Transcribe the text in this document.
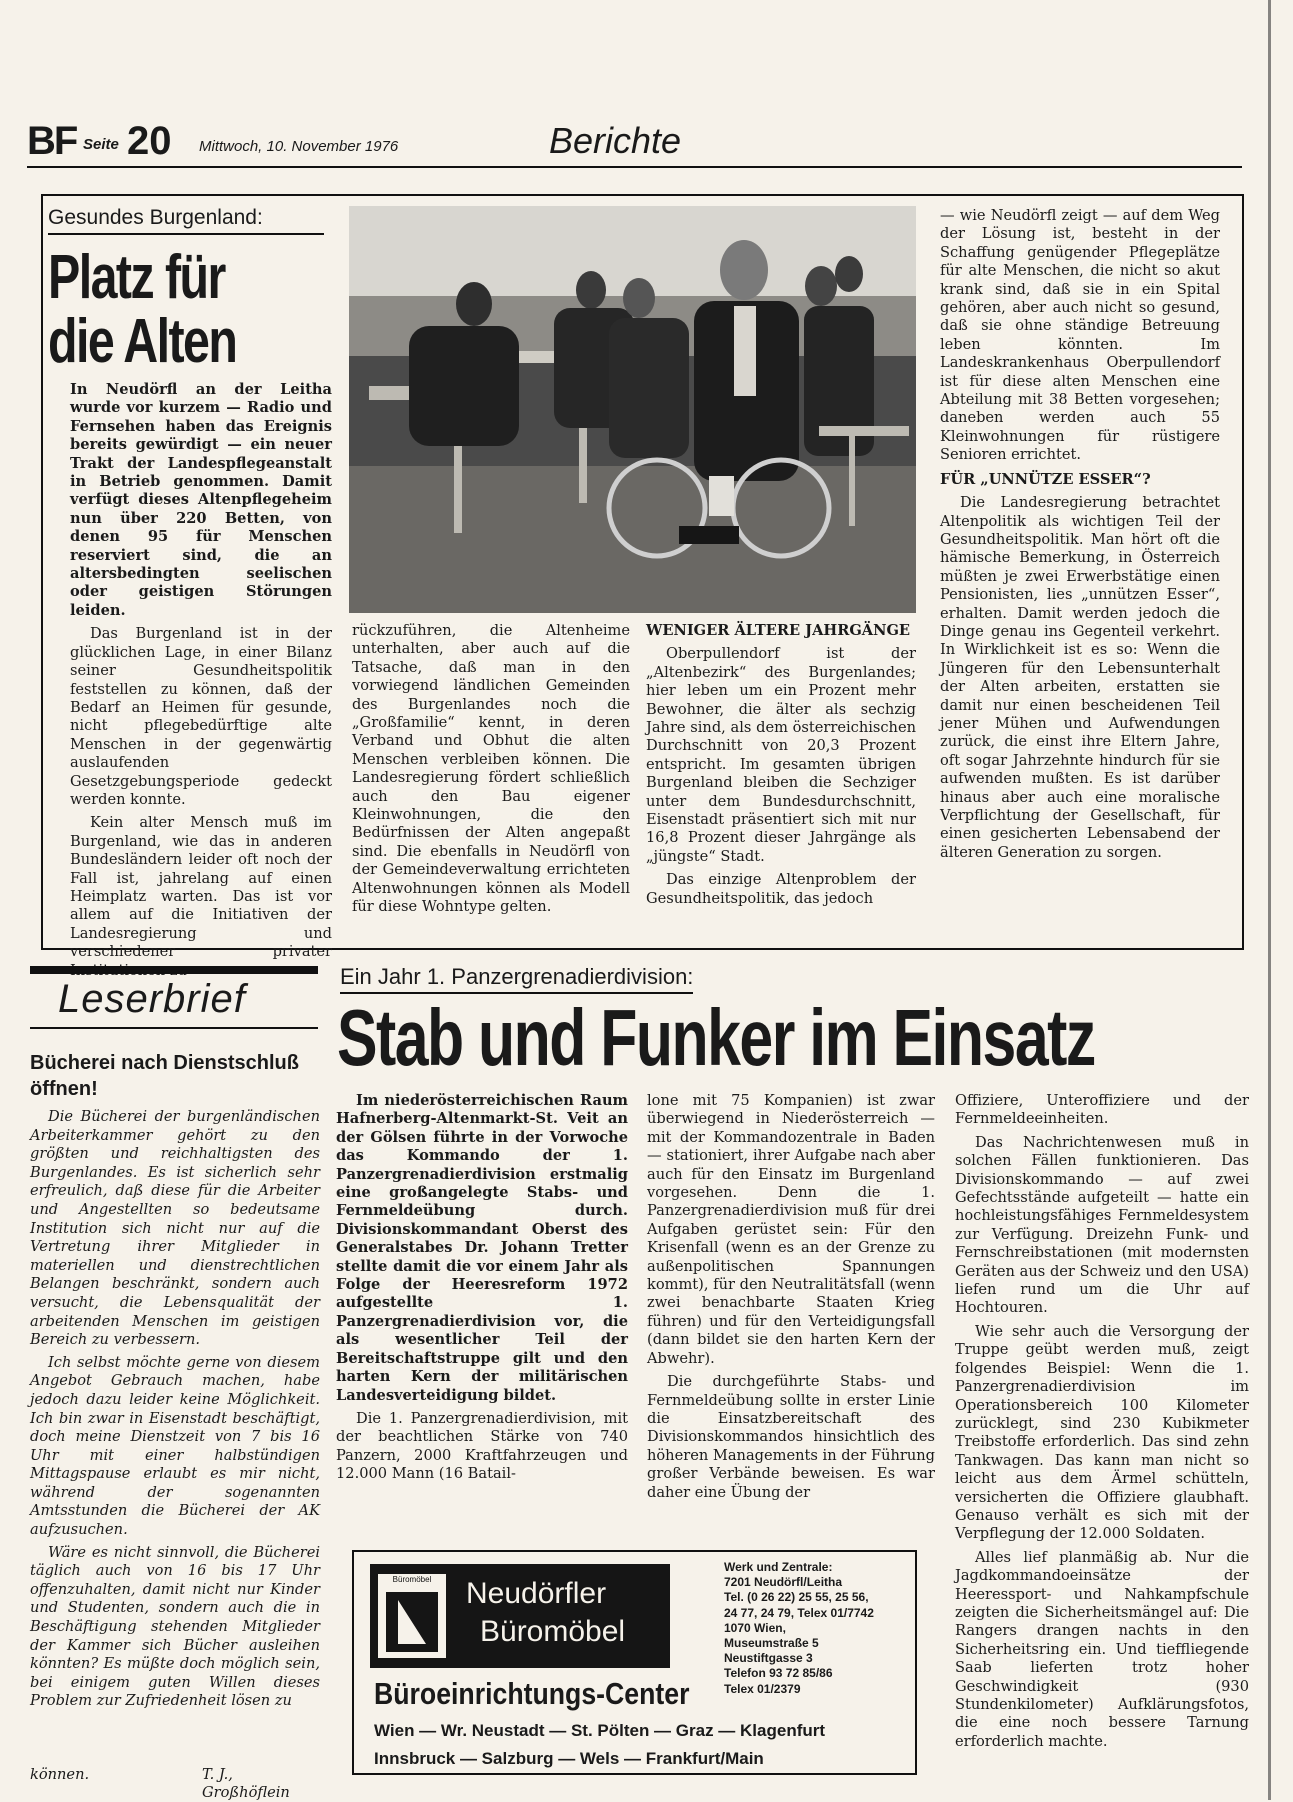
BF Seite 20 Mittwoch, 10. November 1976	Berichte
Gesundes Burgenland:
Platz für
die Alten

In Neudörfl an der Leitha wurde vor kurzem — Radio und Fernsehen haben das Ereignis bereits gewürdigt — ein neuer Trakt der Landespflegeanstalt in Betrieb genommen. Damit verfügt dieses Altenpflegeheim nun über 220 Betten, von denen 95 für Menschen reserviert sind, die an altersbedingten seelischen oder geistigen Störungen leiden.

Das Burgenland ist in der glücklichen Lage, in einer Bilanz seiner Gesundheitspolitik feststellen zu können, daß der Bedarf an Heimen für gesunde, nicht pflegebedürftige alte Menschen in der gegenwärtig auslaufenden Gesetzgebungsperiode gedeckt werden konnte.

Kein alter Mensch muß im Burgenland, wie das in anderen Bundesländern leider oft noch der Fall ist, jahrelang auf einen Heimplatz warten. Das ist vor allem auf die Initiativen der Landesregierung und verschiedener privater

rückzuführen, die Altenheime unterhalten, aber auch auf die Tatsache, daß man in den vorwiegend ländlichen Gemeinden des Burgenlandes noch die „Großfamilie“ kennt, in deren Verband und Obhut die alten Menschen verbleiben können. Die Landesregierung fördert schließlich auch den Bau eigener Kleinwohnungen, die den Bedürfnissen der Alten angepaßt sind. Die ebenfalls in Neudörfl von der Gemeindeverwaltung errichteten Altenwohnungen können als Modell für diese Wohntype gelten.

WENIGER ÄLTERE JAHRGÄNGE

Oberpullendorf ist der „Altenbezirk“ des Burgenlandes; hier leben um ein Prozent mehr Bewohner, die älter als sechzig Jahre sind, als dem österreichischen Durchschnitt von 20,3 Prozent entspricht. Im gesamten übrigen Burgenland bleiben die Sechziger unter dem Bundesdurchschnitt, Eisenstadt präsentiert sich mit nur 16,8 Prozent dieser Jahrgänge als „jüngste“ Stadt.

Das einzige Altenproblem der Gesundheitspolitik, das jedoch

— wie Neudörfl zeigt — auf dem Weg der Lösung ist, besteht in der Schaffung genügender Pflegeplätze für alte Menschen, die nicht so akut krank sind, daß sie in ein Spital gehören, aber auch nicht so gesund, daß sie ohne ständige Betreuung leben könnten. Im Landeskrankenhaus Oberpullendorf ist für diese alten Menschen eine Abteilung mit 38 Betten vorgesehen; daneben werden auch 55 Kleinwohnungen für rüstigere Senioren errichtet.

FÜR „UNNÜTZE ESSER“?

Die Landesregierung betrachtet Altenpolitik als wichtigen Teil der Gesundheitspolitik. Man hört oft die hämische Bemerkung, in Österreich müßten je zwei Erwerbstätige einen Pensionisten, lies „unnützen Esser“, erhalten. Damit werden jedoch die Dinge genau ins Gegenteil verkehrt. In Wirklichkeit ist es so: Wenn die Jüngeren für den Lebensunterhalt der Alten arbeiten, erstatten sie damit nur einen bescheidenen Teil jener Mühen und Aufwendungen zurück, die einst ihre Eltern Jahre, oft sogar Jahrzehnte hindurch für sie aufwenden mußten. Es ist darüber hinaus aber auch eine moralische Verpflichtung der Gesellschaft, für einen gesicherten Lebensabend der älteren Generation zu sorgen.

Leserbrief
Bücherei nach Dienstschluß öffnen!

Die Bücherei der burgenländischen Arbeiterkammer gehört zu den größten und reichhaltigsten des Burgenlandes. Es ist sicherlich sehr erfreulich, daß diese für die Arbeiter und Angestellten so bedeutsame Institution sich nicht nur auf die Vertretung ihrer Mitglieder in materiellen und dienstrechtlichen Belangen beschränkt, sondern auch versucht, die Lebensqualität der arbeitenden Menschen im geistigen Bereich zu verbessern.

Ich selbst möchte gerne von diesem Angebot Gebrauch machen, habe jedoch dazu leider keine Möglichkeit. Ich bin zwar in Eisenstadt beschäftigt, doch meine Dienstzeit von 7 bis 16 Uhr mit einer halbstündigen Mittagspause erlaubt es mir nicht, während der sogenannten Amtsstunden die Bücherei der AK aufzusuchen.

Wäre es nicht sinnvoll, die Bücherei täglich auch von 16 bis 17 Uhr offenzuhalten, damit nicht nur Kinder und Studenten, sondern auch die in Beschäftigung stehenden Mitglieder der Kammer sich Bücher ausleihen könnten? Es müßte doch möglich sein, bei einigem guten Willen dieses Problem zur Zufriedenheit lösen zu

können.	T. J., Großhöflein
Ein Jahr 1. Panzergrenadierdivision:
Stab und Funker im Einsatz

Im niederösterreichischen Raum Hafnerberg-Altenmarkt-St. Veit an der Gölsen führte in der Vorwoche das Kommando der 1. Panzergrenadierdivision erstmalig eine großangelegte Stabs- und Fernmeldeübung durch. Divisionskommandant Oberst des Generalstabes Dr. Johann Tretter stellte damit die vor einem Jahr als Folge der Heeresreform 1972 aufgestellte 1. Panzergrenadierdivision vor, die als wesentlicher Teil der Bereitschaftstruppe gilt und den harten Kern der militärischen Landesverteidigung bildet.

Die 1. Panzergrenadierdivision, mit der beachtlichen Stärke von 740 Panzern, 2000 Kraftfahrzeugen und 12.000 Mann (16 Batail-

lone mit 75 Kompanien) ist zwar überwiegend in Niederösterreich — mit der Kommandozentrale in Baden — stationiert, ihrer Aufgabe nach aber auch für den Einsatz im Burgenland vorgesehen. Denn die 1. Panzergrenadierdivision muß für drei Aufgaben gerüstet sein: Für den Krisenfall (wenn es an der Grenze zu außenpolitischen Spannungen kommt), für den Neutralitätsfall (wenn zwei benachbarte Staaten Krieg führen) und für den Verteidigungsfall (dann bildet sie den harten Kern der Abwehr).

Die durchgeführte Stabs- und Fernmeldeübung sollte in erster Linie die Einsatzbereitschaft des Divisionskommandos hinsichtlich des höheren Managements in der Führung großer Verbände beweisen. Es war daher eine Übung der

Offiziere, Unteroffiziere und der Fernmeldeeinheiten.

Das Nachrichtenwesen muß in solchen Fällen funktionieren. Das Divisionskommando — auf zwei Gefechtsstände aufgeteilt — hatte ein hochleistungsfähiges Fernmeldesystem zur Verfügung. Dreizehn Funk- und Fernschreibstationen (mit modernsten Geräten aus der Schweiz und den USA) liefen rund um die Uhr auf Hochtouren.

Wie sehr auch die Versorgung der Truppe geübt werden muß, zeigt folgendes Beispiel: Wenn die 1. Panzergrenadierdivision im Operationsbereich 100 Kilometer zurücklegt, sind 230 Kubikmeter Treibstoffe erforderlich. Das sind zehn Tankwagen. Das kann man nicht so leicht aus dem Ärmel schütteln, versicherten die Offiziere glaubhaft. Genauso verhält es sich mit der Verpflegung der 12.000 Soldaten.

Alles lief planmäßig ab. Nur die Jagdkommandoeinsätze der Heeressport- und Nahkampfschule zeigten die Sicherheitsmängel auf: Die Rangers drangen nachts in den Sicherheitsring ein. Und tieffliegende Saab lieferten trotz hoher Geschwindigkeit (930 Stundenkilometer) Aufklärungsfotos, die eine noch bessere Tarnung erforderlich machte.

Büromöbel	Neudörfler
Büromöbel
Werk und Zentrale:
7201 Neudörfl/Leitha
Tel. (0 26 22) 25 55, 25 56,
24 77, 24 79, Telex 01/7742
1070 Wien,
Museumstraße 5
Neustiftgasse 3
Telefon 93 72 85/86
Telex 01/2379
Büroeinrichtungs-Center
Wien — Wr. Neustadt — St. Pölten — Graz — Klagenfurt
Innsbruck — Salzburg — Wels — Frankfurt/Main
